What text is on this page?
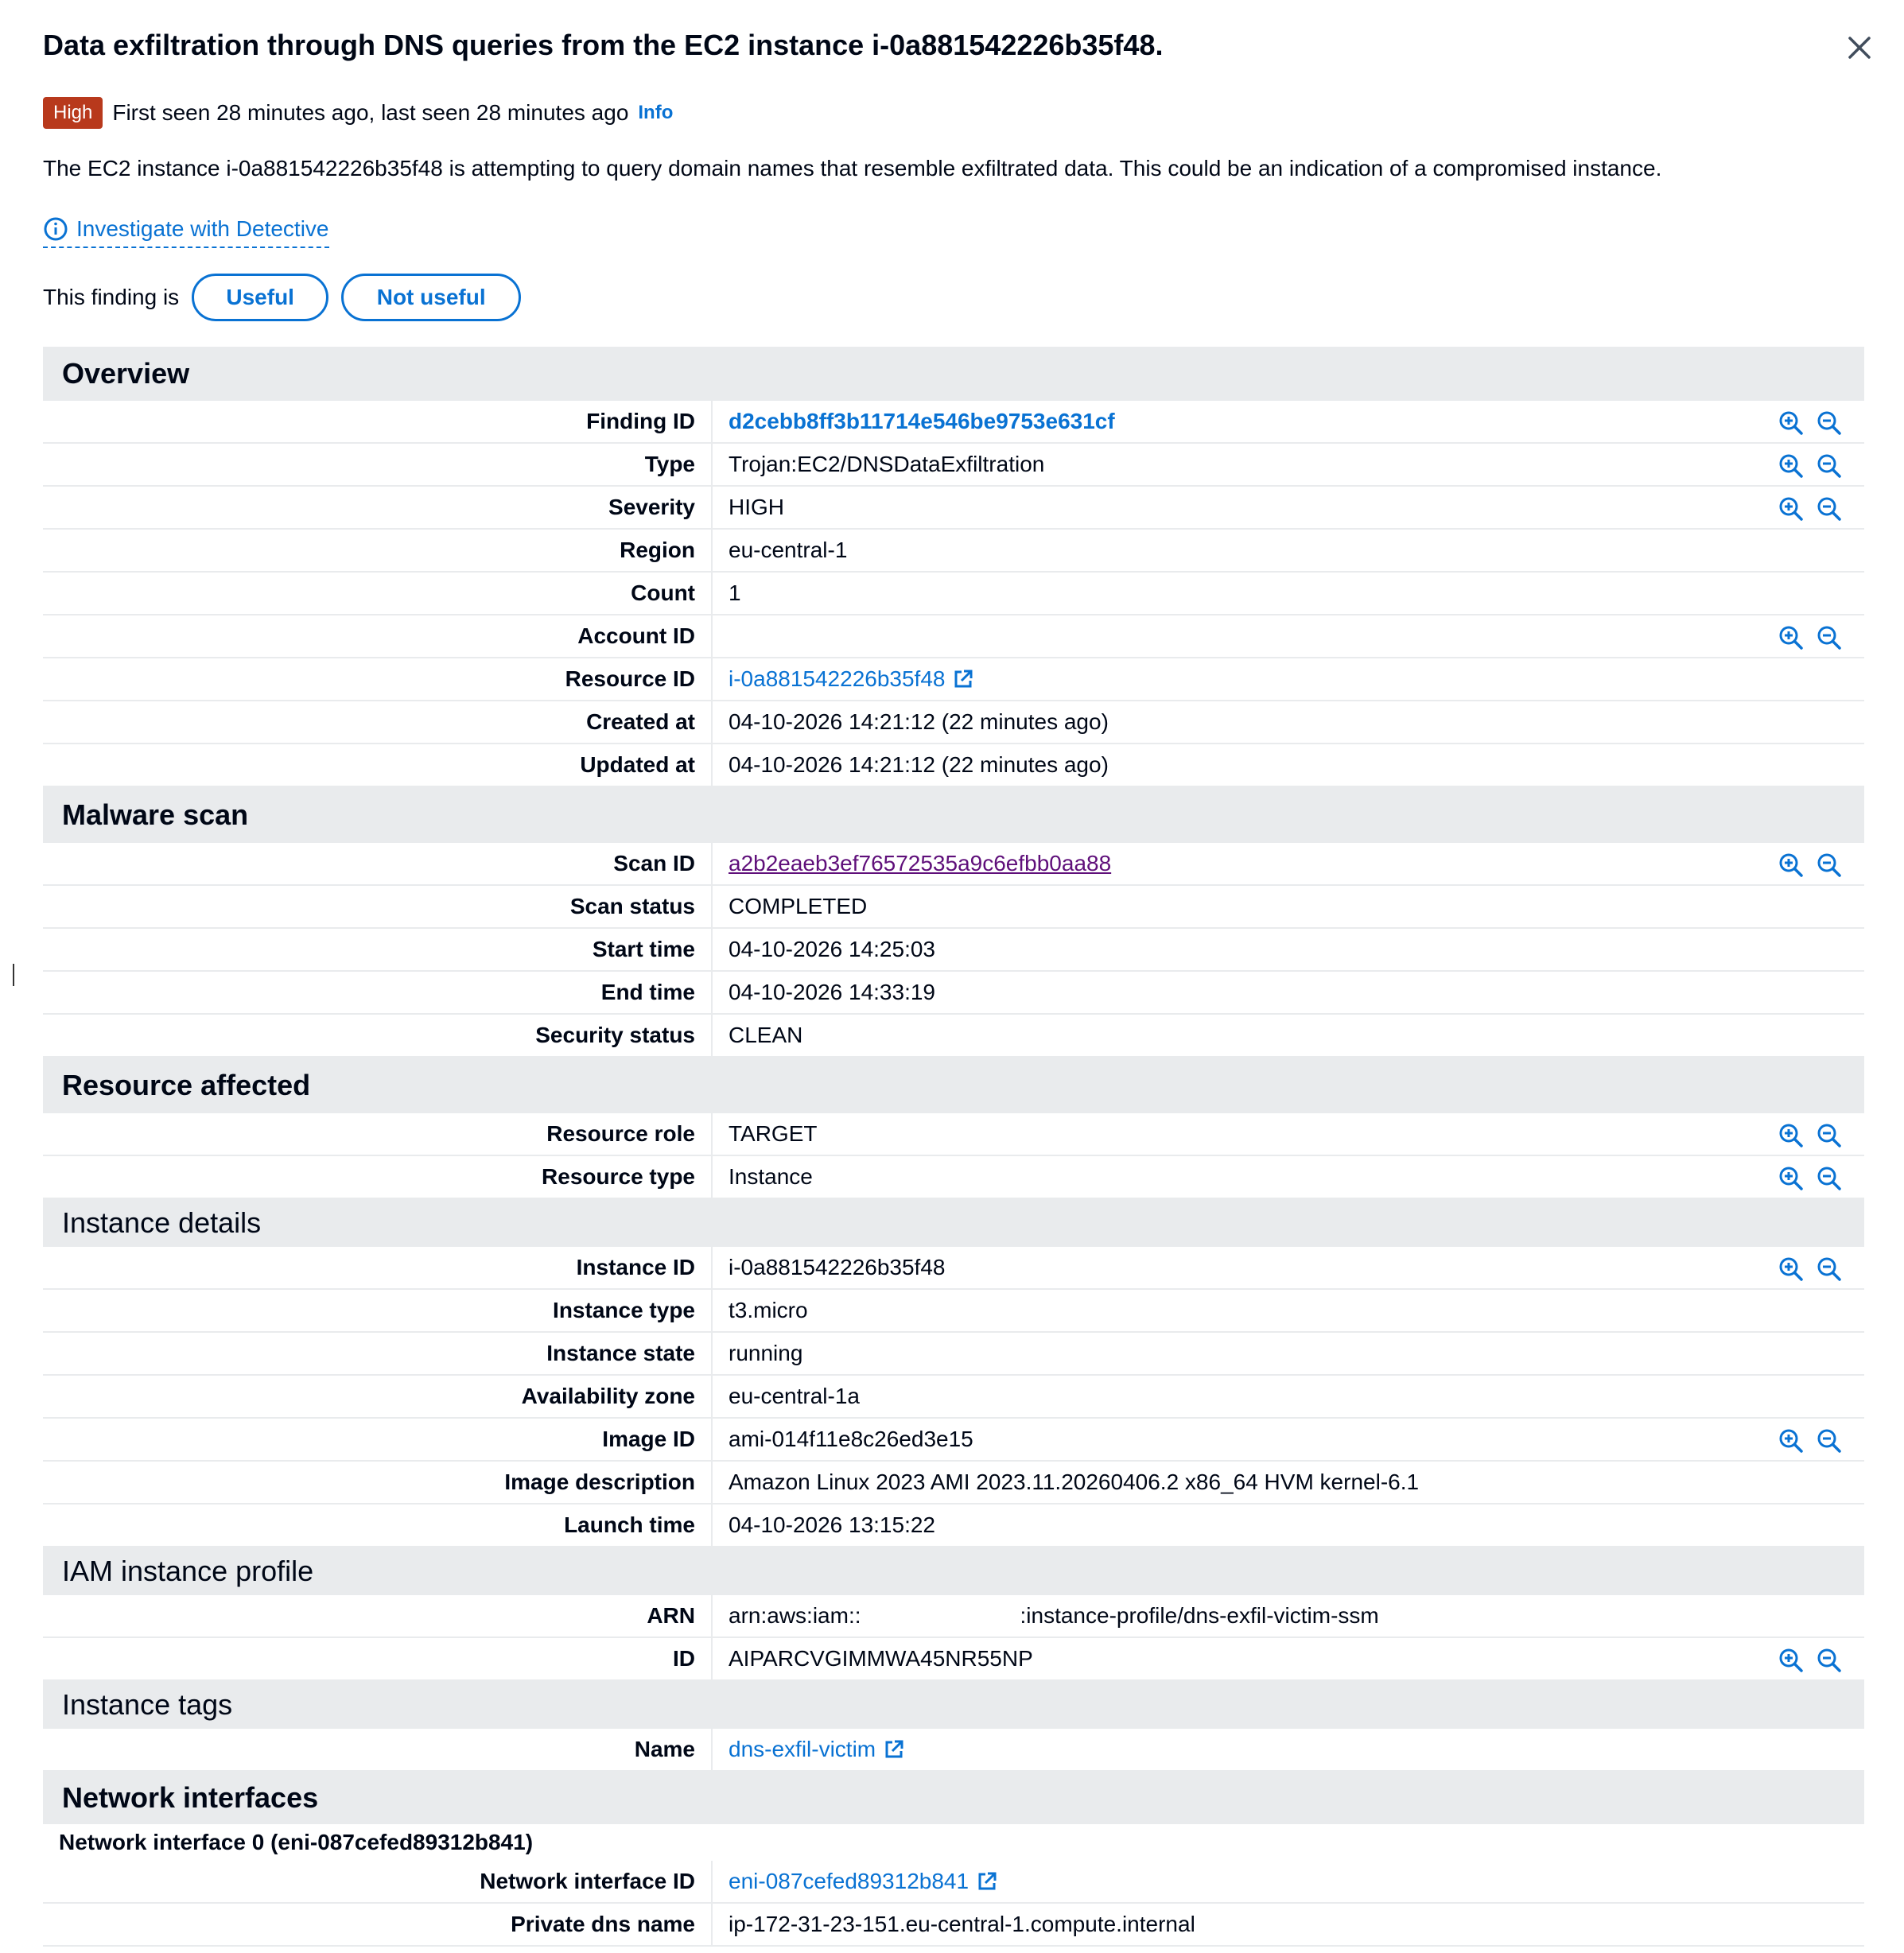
Data exfiltration through DNS queries from the EC2 instance i-0a881542226b35f48.
High First seen 28 minutes ago, last seen 28 minutes ago Info
The EC2 instance i-0a881542226b35f48 is attempting to query domain names that resemble exfiltrated data. This could be an indication of a compromised instance.
Investigate with Detective
This finding is	Useful	Not useful
Overview
Finding ID	d2cebb8ff3b11714e546be9753e631cf
Type	Trojan:EC2/DNSDataExfiltration
Severity	HIGH
Region	eu-central-1
Count	1
Account ID
Resource ID	i-0a881542226b35f48
Created at	04-10-2026 14:21:12 (22 minutes ago)
Updated at	04-10-2026 14:21:12 (22 minutes ago)
Malware scan
Scan ID	a2b2eaeb3ef76572535a9c6efbb0aa88
Scan status	COMPLETED
Start time	04-10-2026 14:25:03
End time	04-10-2026 14:33:19
Security status	CLEAN
Resource affected
Resource role	TARGET
Resource type	Instance
Instance details
Instance ID	i-0a881542226b35f48
Instance type	t3.micro
Instance state	running
Availability zone	eu-central-1a
Image ID	ami-014f11e8c26ed3e15
Image description	Amazon Linux 2023 AMI 2023.11.20260406.2 x86_64 HVM kernel-6.1
Launch time	04-10-2026 13:15:22
IAM instance profile
ARN	arn:aws:iam::	:instance-profile/dns-exfil-victim-ssm
ID	AIPARCVGIMMWA45NR55NP
Instance tags
Name	dns-exfil-victim
Network interfaces
Network interface 0 (eni-087cefed89312b841)
Network interface ID	eni-087cefed89312b841
Private dns name	ip-172-31-23-151.eu-central-1.compute.internal
